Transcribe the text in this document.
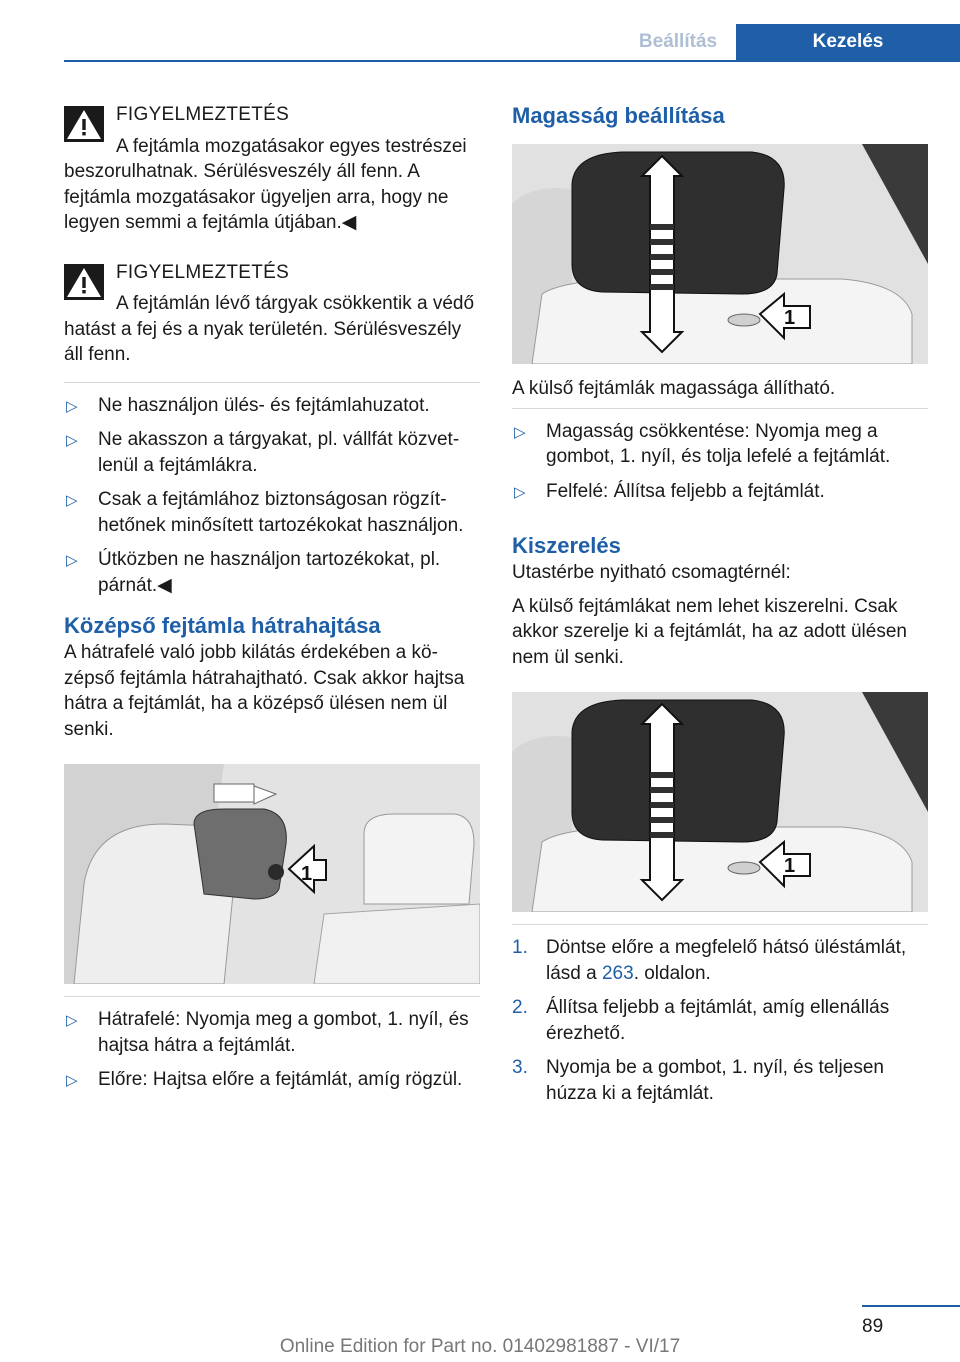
Beállítás	Kezelés

FIGYELMEZTETÉS

A fejtámla mozgatásakor egyes testrészei beszorulhatnak. Sérülésveszély áll fenn. A fejtámla mozgatásakor ügyeljen arra, hogy ne legyen semmi a fejtámla útjában.◀

FIGYELMEZTETÉS

A fejtámlán lévő tárgyak csökkentik a védő hatást a fej és a nyak területén. Sérülésveszély áll fenn.

▷ Ne használjon ülés- és fejtámlahuzatot.
▷ Ne akasszon a tárgyakat, pl. vállfát közvetlenül a fejtámlákra.
▷ Csak a fejtámlához biztonságosan rögzíthetőnek minősített tartozékokat használjon.
▷ Útközben ne használjon tartozékokat, pl. párnát.◀
Középső fejtámla hátrahajtása

A hátrafelé való jobb kilátás érdekében a középső fejtámla hátrahajtható. Csak akkor hajtsa hátra a fejtámlát, ha a középső ülésen nem ül senki.

1
▷ Hátrafelé: Nyomja meg a gombot, 1. nyíl, és hajtsa hátra a fejtámlát.
▷ Előre: Hajtsa előre a fejtámlát, amíg rögzül.
Magasság beállítása
1

A külső fejtámlák magassága állítható.

▷ Magasság csökkentése: Nyomja meg a gombot, 1. nyíl, és tolja lefelé a fejtámlát.
▷ Felfelé: Állítsa feljebb a fejtámlát.
Kiszerelés

Utastérbe nyitható csomagtérnél:

A külső fejtámlákat nem lehet kiszerelni. Csak akkor szerelje ki a fejtámlát, ha az adott ülésen nem ül senki.

1
1. Döntse előre a megfelelő hátsó üléstámlát, lásd a 263. oldalon.
2. Állítsa feljebb a fejtámlát, amíg ellenállás érezhető.
3. Nyomja be a gombot, 1. nyíl, és teljesen húzza ki a fejtámlát.
89
Online Edition for Part no. 01402981887 - VI/17
